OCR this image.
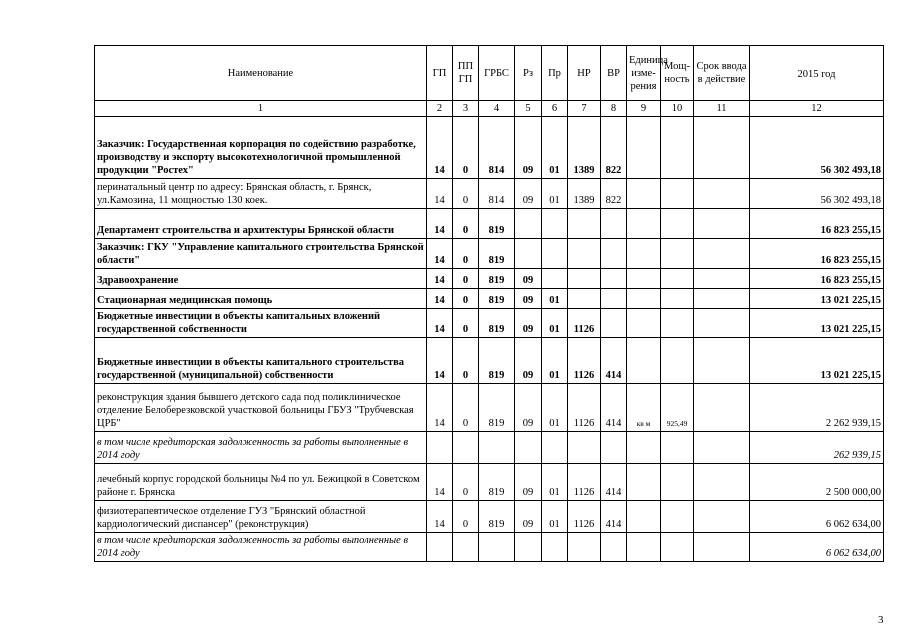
Наименование	ГП	ППГП	ГРБС	Рз	Пр	НР	ВР	Единица изме-рения	Мощ-ность	Срок ввода в действие	2015 год
1	2	3	4	5	6	7	8	9	10	11	12
Заказчик: Государственная корпорация по содействию разработке, производству и экспорту высокотехнологичной промышленной продукции "Ростех"	14	0	814	09	01	1389	822				56 302 493,18
перинатальный центр по адресу: Брянская область, г. Брянск, ул.Камозина, 11 мощностью 130 коек.	14	0	814	09	01	1389	822				56 302 493,18
Департамент строительства и архитектуры Брянской области	14	0	819								16 823 255,15
Заказчик: ГКУ "Управление капитального строительства Брянской области"	14	0	819								16 823 255,15
Здравоохранение	14	0	819	09							16 823 255,15
Стационарная медицинская помощь	14	0	819	09	01						13 021 225,15
Бюджетные инвестиции в объекты капитальных вложений государственной собственности	14	0	819	09	01	1126					13 021 225,15
Бюджетные инвестиции в объекты капитального строительства государственной (муниципальной) собственности	14	0	819	09	01	1126	414				13 021 225,15
реконструкция здания бывшего детского сада под поликлиническое отделение Белоберезковской участковой больницы ГБУЗ "Трубчевская ЦРБ"	14	0	819	09	01	1126	414	кв м	925,49		2 262 939,15
в том числе кредиторская задолженность за работы выполненные в 2014 году											262 939,15
лечебный корпус городской больницы №4 по ул. Бежицкой в Советском районе г. Брянска	14	0	819	09	01	1126	414				2 500 000,00
физиотерапевтическое отделение ГУЗ "Брянский областной кардиологический диспансер" (реконструкция)	14	0	819	09	01	1126	414				6 062 634,00
в том числе кредиторская задолженность за работы выполненные в 2014 году											6 062 634,00
3
